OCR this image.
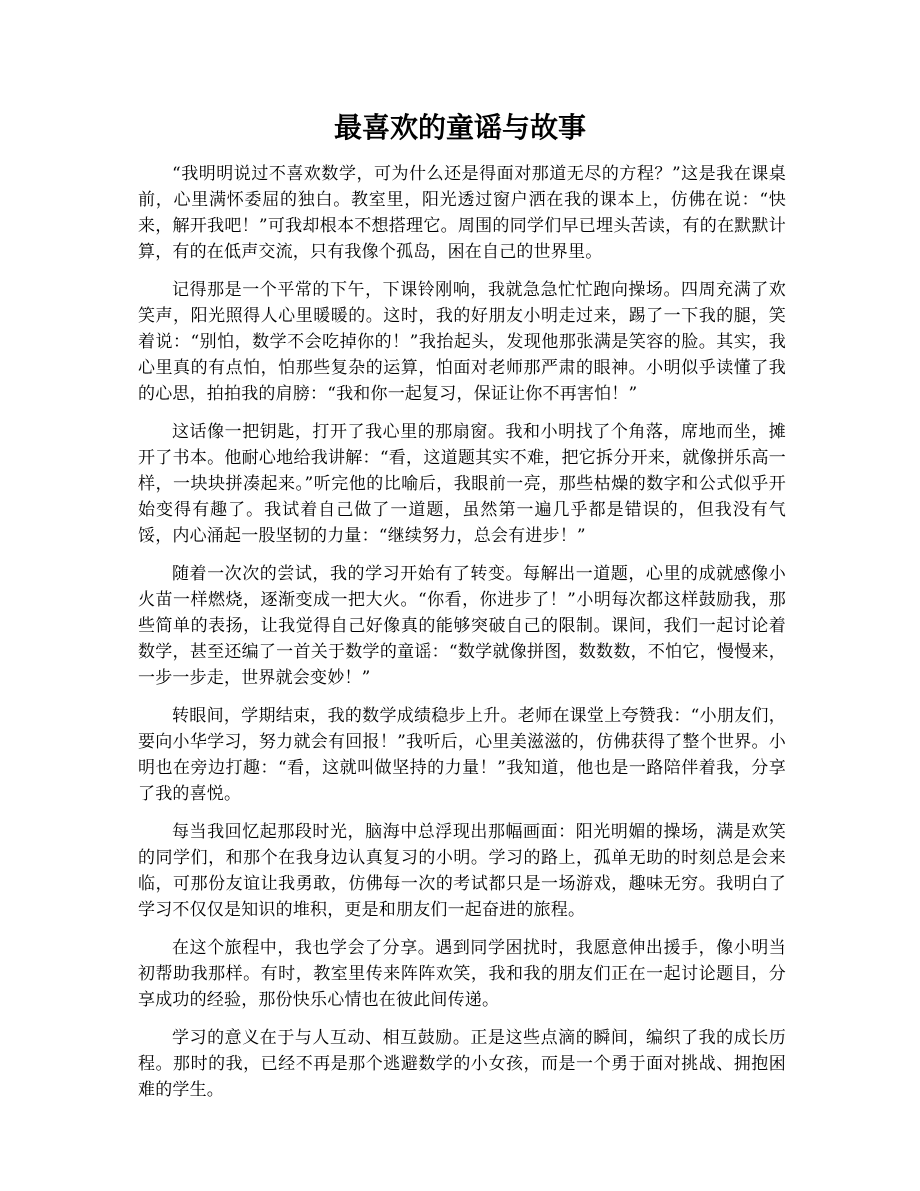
最喜欢的童谣与故事

“我明明说过不喜欢数学，可为什么还是得面对那道无尽的方程？”这是我在课桌前，心里满怀委屈的独白。教室里，阳光透过窗户洒在我的课本上，仿佛在说：“快来，解开我吧！”可我却根本不想搭理它。周围的同学们早已埋头苦读，有的在默默计算，有的在低声交流，只有我像个孤岛，困在自己的世界里。

记得那是一个平常的下午，下课铃刚响，我就急急忙忙跑向操场。四周充满了欢笑声，阳光照得人心里暖暖的。这时，我的好朋友小明走过来，踢了一下我的腿，笑着说：“别怕，数学不会吃掉你的！”我抬起头，发现他那张满是笑容的脸。其实，我心里真的有点怕，怕那些复杂的运算，怕面对老师那严肃的眼神。小明似乎读懂了我的心思，拍拍我的肩膀：“我和你一起复习，保证让你不再害怕！”

这话像一把钥匙，打开了我心里的那扇窗。我和小明找了个角落，席地而坐，摊开了书本。他耐心地给我讲解：“看，这道题其实不难，把它拆分开来，就像拼乐高一样，一块块拼凑起来。”听完他的比喻后，我眼前一亮，那些枯燥的数字和公式似乎开始变得有趣了。我试着自己做了一道题，虽然第一遍几乎都是错误的，但我没有气馁，内心涌起一股坚韧的力量：“继续努力，总会有进步！”

随着一次次的尝试，我的学习开始有了转变。每解出一道题，心里的成就感像小火苗一样燃烧，逐渐变成一把大火。“你看，你进步了！”小明每次都这样鼓励我，那些简单的表扬，让我觉得自己好像真的能够突破自己的限制。课间，我们一起讨论着数学，甚至还编了一首关于数学的童谣：“数学就像拼图，数数数，不怕它，慢慢来，一步一步走，世界就会变妙！”

转眼间，学期结束，我的数学成绩稳步上升。老师在课堂上夸赞我：“小朋友们，要向小华学习，努力就会有回报！”我听后，心里美滋滋的，仿佛获得了整个世界。小明也在旁边打趣：“看，这就叫做坚持的力量！”我知道，他也是一路陪伴着我，分享了我的喜悦。

每当我回忆起那段时光，脑海中总浮现出那幅画面：阳光明媚的操场，满是欢笑的同学们，和那个在我身边认真复习的小明。学习的路上，孤单无助的时刻总是会来临，可那份友谊让我勇敢，仿佛每一次的考试都只是一场游戏，趣味无穷。我明白了学习不仅仅是知识的堆积，更是和朋友们一起奋进的旅程。

在这个旅程中，我也学会了分享。遇到同学困扰时，我愿意伸出援手，像小明当初帮助我那样。有时，教室里传来阵阵欢笑，我和我的朋友们正在一起讨论题目，分享成功的经验，那份快乐心情也在彼此间传递。

学习的意义在于与人互动、相互鼓励。正是这些点滴的瞬间，编织了我的成长历程。那时的我，已经不再是那个逃避数学的小女孩，而是一个勇于面对挑战、拥抱困难的学生。
